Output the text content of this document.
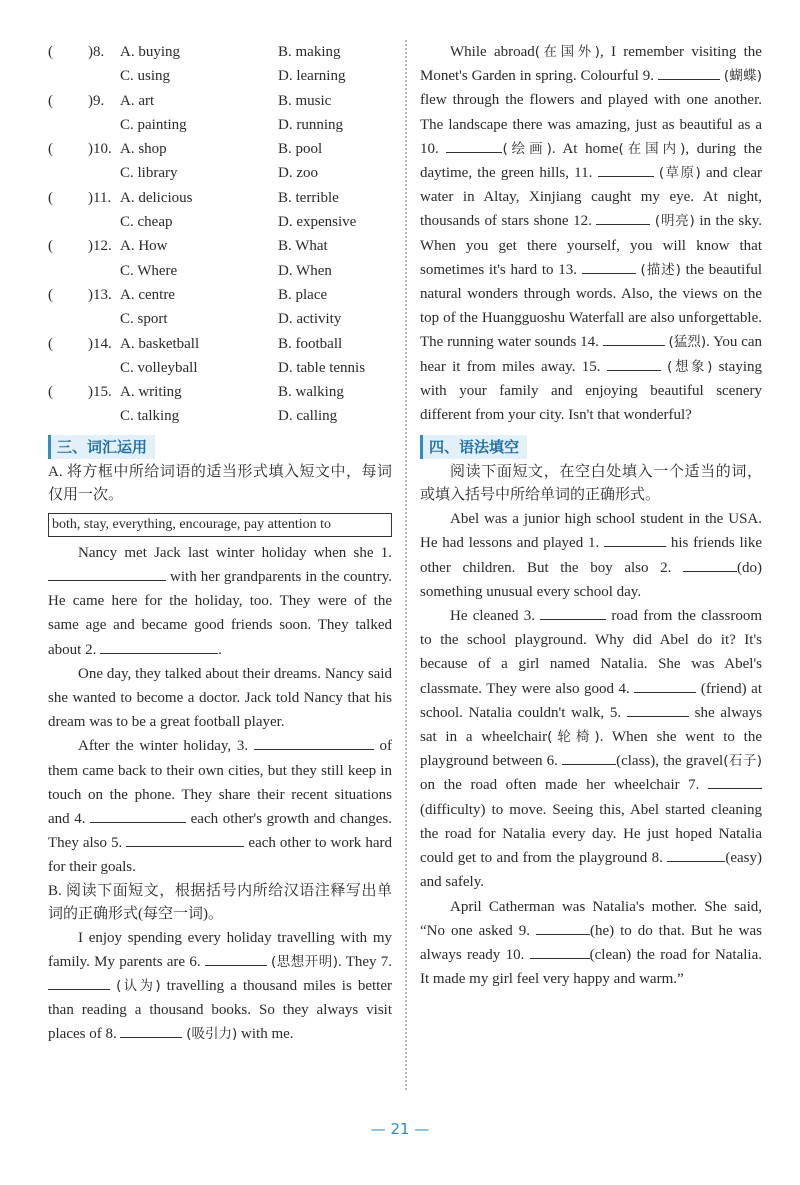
( )8. A. buying	B. making
C. using	D. learning
( )9. A. art	B. music
C. painting	D. running
( )10. A. shop	B. pool
C. library	D. zoo
( )11. A. delicious	B. terrible
C. cheap	D. expensive
( )12. A. How	B. What
C. Where	D. When
( )13. A. centre	B. place
C. sport	D. activity
( )14. A. basketball	B. football
C. volleyball	D. table tennis
( )15. A. writing	B. walking
C. talking	D. calling
三、词汇运用

A. 将方框中所给词语的适当形式填入短文中，每词仅用一次。

both, stay, everything, encourage, pay attention to

Nancy met Jack last winter holiday when she 1.  with her grandparents in the country. He came here for the holiday, too. They were of the same age and became good friends soon. They talked about 2.	.

One day, they talked about their dreams. Nancy said she wanted to become a doctor. Jack told Nancy that his dream was to be a great football player.

After the winter holiday, 3.	of them came back to their own cities, but they still keep in touch on the phone. They share their recent situations and 4.	each other's growth and changes. They also 5.	each other to work hard for their goals.

B. 阅读下面短文，根据括号内所给汉语注释写出单词的正确形式(每空一词)。

I enjoy spending every holiday travelling with my family. My parents are 6.	(思想开明). They 7.  (认为) travelling a thousand miles is better than reading a thousand books. So they always visit places of 8.	(吸引力) with me.

While abroad(在国外), I remember visiting the Monet's Garden in spring. Colourful 9.	(蝴蝶) flew through the flowers and played with one another. The landscape there was amazing, just as beautiful as a 10.	(绘画). At home(在国内), during the daytime, the green hills, 11.	(草原) and clear water in Altay, Xinjiang caught my eye. At night, thousands of stars shone 12.	(明亮) in the sky. When you get there yourself, you will know that sometimes it's hard to 13.	(描述) the beautiful natural wonders through words. Also, the views on the top of the Huangguoshu Waterfall are also unforgettable. The running water sounds 14.	(猛烈). You can hear it from miles away. 15.	(想象) staying with your family and enjoying beautiful scenery different from your city. Isn't that wonderful?

四、语法填空

阅读下面短文，在空白处填入一个适当的词，或填入括号中所给单词的正确形式。

Abel was a junior high school student in the USA. He had lessons and played 1.	his friends like other children. But the boy also 2.	(do) something unusual every school day.

He cleaned 3.	road from the classroom to the school playground. Why did Abel do it? It's because of a girl named Natalia. She was Abel's classmate. They were also good 4.	(friend) at school. Natalia couldn't walk, 5.	she always sat in a wheelchair(轮椅). When she went to the playground between 6.	(class), the gravel(石子) on the road often made her wheelchair 7. (difficulty) to move. Seeing this, Abel started cleaning the road for Natalia every day. He just hoped Natalia could get to and from the playground 8.	(easy) and safely.

April Catherman was Natalia's mother. She said, “No one asked 9.	(he) to do that. But he was always ready 10.	(clean) the road for Natalia. It made my girl feel very happy and warm.”

— 21 —
